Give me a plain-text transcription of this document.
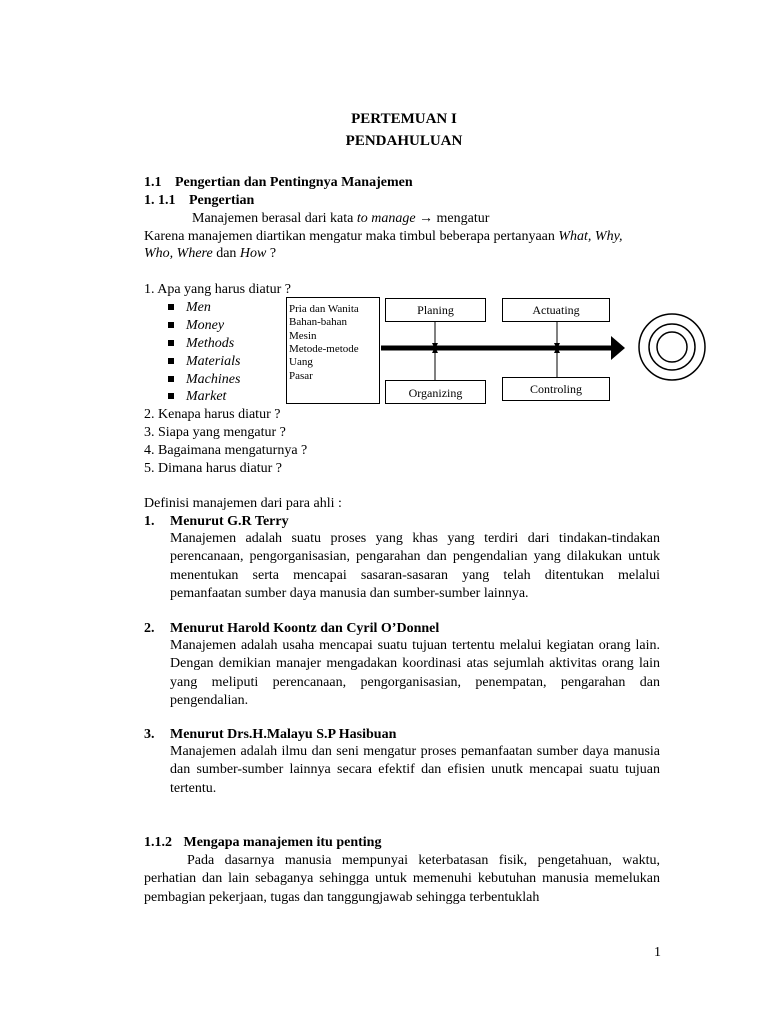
PERTEMUAN I
PENDAHULUAN
1.1 Pengertian dan Pentingnya Manajemen
1. 1.1 Pengertian
Manajemen berasal dari kata to manage → mengatur
Karena manajemen diartikan mengatur maka timbul beberapa pertanyaan What, Why,
Who, Where dan How ?
1. Apa yang harus diatur ?
Men
Money
Methods
Materials
Machines
Market
2. Kenapa harus diatur ?
3. Siapa yang mengatur ?
4. Bagaimana mengaturnya ?
5. Dimana harus diatur ?
Pria dan Wanita
Bahan-bahan
Mesin
Metode-metode
Uang
Pasar
Planing	Actuating
Organizing	Controling
Definisi manajemen dari para ahli :
1. Menurut G.R Terry
Manajemen adalah suatu proses yang khas yang terdiri dari tindakan-tindakan perencanaan, pengorganisasian, pengarahan dan pengendalian yang dilakukan untuk menentukan serta mencapai sasaran-sasaran yang telah ditentukan melalui pemanfaatan sumber daya manusia dan sumber-sumber lainnya.
2. Menurut Harold Koontz dan Cyril O’Donnel
Manajemen adalah usaha mencapai suatu tujuan tertentu melalui kegiatan orang lain. Dengan demikian manajer mengadakan koordinasi atas sejumlah aktivitas orang lain yang meliputi perencanaan, pengorganisasian, penempatan, pengarahan dan pengendalian.
3. Menurut Drs.H.Malayu S.P Hasibuan
Manajemen adalah ilmu dan seni mengatur proses pemanfaatan sumber daya manusia dan sumber-sumber lainnya secara efektif dan efisien unutk mencapai suatu tujuan tertentu.
1.1.2 Mengapa manajemen itu penting
Pada dasarnya manusia mempunyai keterbatasan fisik, pengetahuan, waktu, perhatian dan lain sebaganya sehingga untuk memenuhi kebutuhan manusia memelukan pembagian pekerjaan, tugas dan tanggungjawab sehingga terbentuklah
1
